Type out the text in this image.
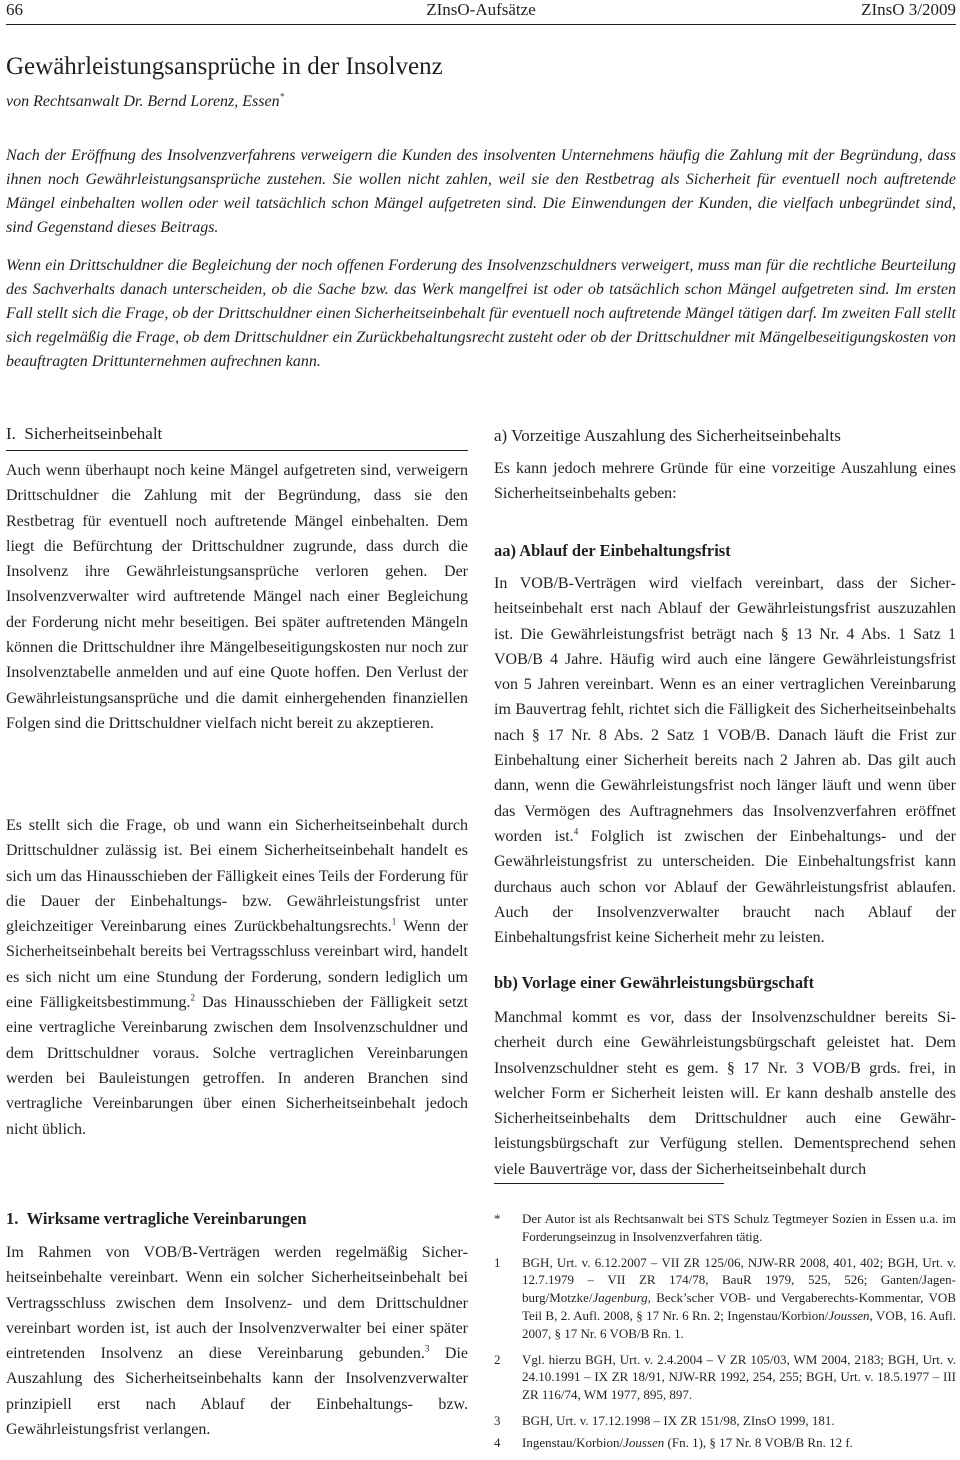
66	ZInsO-Aufsätze	ZInsO 3/2009
Gewährleistungsansprüche in der Insolvenz
von Rechtsanwalt Dr. Bernd Lorenz, Essen*

Nach der Eröffnung des Insolvenzverfahrens verweigern die Kunden des insolventen Unternehmens häufig die Zahlung mit der Begründung, dass ihnen noch Gewährleistungsansprüche zustehen. Sie wollen nicht zahlen, weil sie den Restbetrag als Sicherheit für eventuell noch auftretende Mängel einbehalten wollen oder weil tatsächlich schon Mängel aufgetreten sind. Die Einwendungen der Kunden, die vielfach unbegründet sind, sind Gegenstand dieses Beitrags.

Wenn ein Drittschuldner die Begleichung der noch offenen Forderung des Insolvenzschuldners verweigert, muss man für die rechtliche Beurteilung des Sachverhalts danach unterscheiden, ob die Sache bzw. das Werk mangelfrei ist oder ob tatsächlich schon Mängel aufgetreten sind. Im ersten Fall stellt sich die Frage, ob der Drittschuldner einen Sicherheitseinbehalt für eventuell noch auftretende Mängel tätigen darf. Im zweiten Fall stellt sich regelmäßig die Frage, ob dem Drittschuldner ein Zurückbehaltungsrecht zusteht oder ob der Drittschuldner mit Mängelbeseitigungskosten von beauftragten Drittunternehmen aufrechnen kann.

I. Sicherheitseinbehalt

Auch wenn überhaupt noch keine Mängel aufgetreten sind, verweigern Drittschuldner die Zahlung mit der Begründung, dass sie den Restbetrag für eventuell noch auftretende Mängel einbehalten. Dem liegt die Befürchtung der Drittschuldner zugrunde, dass durch die Insolvenz ihre Gewährleistungsansprüche verloren gehen. Der Insolvenzverwalter wird auftretende Mängel nach einer Begleichung der Forderung nicht mehr beseitigen. Bei später auftretenden Mängeln können die Drittschuldner ihre Mängelbeseitigungskosten nur noch zur Insolvenztabelle anmelden und auf eine Quote hoffen. Den Verlust der Gewährleistungsansprüche und die damit einhergehenden finanziellen Folgen sind die Drittschuldner vielfach nicht bereit zu akzeptieren.

Es stellt sich die Frage, ob und wann ein Sicherheitseinbehalt durch Drittschuldner zulässig ist. Bei einem Sicherheitseinbehalt handelt es sich um das Hinausschieben der Fälligkeit eines Teils der Forderung für die Dauer der Einbehaltungs- bzw. Gewährleistungsfrist unter gleichzeitiger Vereinbarung eines Zurückbehaltungsrechts.$^1$ Wenn der Sicherheitseinbehalt bereits bei Vertragsschluss vereinbart wird, handelt es sich nicht um eine Stundung der Forderung, sondern lediglich um eine Fälligkeitsbestimmung.$^2$ Das Hinausschieben der Fälligkeit setzt eine vertragliche Vereinbarung zwischen dem Insolvenzschuldner und dem Drittschuldner voraus. Solche vertraglichen Vereinbarungen werden bei Bauleistungen getroffen. In anderen Branchen sind vertragliche Vereinbarungen über einen Sicherheitseinbehalt jedoch nicht üblich.

1. Wirksame vertragliche Vereinbarungen

Im Rahmen von VOB/B-Verträgen werden regelmäßig Sicherheitseinbehalte vereinbart. Wenn ein solcher Sicherheitseinbehalt bei Vertragsschluss zwischen dem Insolvenz- und dem Drittschuldner vereinbart worden ist, ist auch der Insolvenzverwalter bei einer später eintretenden Insolvenz an diese Vereinbarung gebunden.$^3$ Die Auszahlung des Sicherheitseinbehalts kann der Insolvenzverwalter prinzipiell erst nach Ablauf der Einbehaltungs- bzw. Gewährleistungsfrist verlangen.

a) Vorzeitige Auszahlung des Sicherheitseinbehalts

Es kann jedoch mehrere Gründe für eine vorzeitige Auszahlung eines Sicherheitseinbehalts geben:

aa) Ablauf der Einbehaltungsfrist

In VOB/B-Verträgen wird vielfach vereinbart, dass der Sicherheitseinbehalt erst nach Ablauf der Gewährleistungsfrist auszuzahlen ist. Die Gewährleistungsfrist beträgt nach § 13 Nr. 4 Abs. 1 Satz 1 VOB/B 4 Jahre. Häufig wird auch eine längere Gewährleistungsfrist von 5 Jahren vereinbart. Wenn es an einer vertraglichen Vereinbarung im Bauvertrag fehlt, richtet sich die Fälligkeit des Sicherheitseinbehalts nach § 17 Nr. 8 Abs. 2 Satz 1 VOB/B. Danach läuft die Frist zur Einbehaltung einer Sicherheit bereits nach 2 Jahren ab. Das gilt auch dann, wenn die Gewährleistungsfrist noch länger läuft und wenn über das Vermögen des Auftragnehmers das Insolvenzverfahren eröffnet worden ist.$^4$ Folglich ist zwischen der Einbehaltungs- und der Gewährleistungsfrist zu unterscheiden. Die Einbehaltungsfrist kann durchaus auch schon vor Ablauf der Gewährleistungsfrist ablaufen. Auch der Insolvenzverwalter braucht nach Ablauf der Einbehaltungsfrist keine Sicherheit mehr zu leisten.

bb) Vorlage einer Gewährleistungsbürgschaft

Manchmal kommt es vor, dass der Insolvenzschuldner bereits Sicherheit durch eine Gewährleistungsbürgschaft geleistet hat. Dem Insolvenzschuldner steht es gem. § 17 Nr. 3 VOB/B grds. frei, in welcher Form er Sicherheit leisten will. Er kann deshalb anstelle des Sicherheitseinbehalts dem Drittschuldner auch eine Gewährleistungsbürgschaft zur Verfügung stellen. Dementsprechend sehen viele Bauverträge vor, dass der Sicherheitseinbehalt durch

* Der Autor ist als Rechtsanwalt bei STS Schulz Tegtmeyer Sozien in Essen u.a. im Forderungseinzug in Insolvenzverfahren tätig.

1 BGH, Urt. v. 6.12.2007 – VII ZR 125/06, NJW-RR 2008, 401, 402; BGH, Urt. v. 12.7.1979 – VII ZR 174/78, BauR 1979, 525, 526; Ganten/Jagenburg/Motzke/Jagenburg, Beck’scher VOB- und Vergaberechts-Kommentar, VOB Teil B, 2. Aufl. 2008, § 17 Nr. 6 Rn. 2; Ingenstau/Korbion/Joussen, VOB, 16. Aufl. 2007, § 17 Nr. 6 VOB/B Rn. 1.

2 Vgl. hierzu BGH, Urt. v. 2.4.2004 – V ZR 105/03, WM 2004, 2183; BGH, Urt. v. 24.10.1991 – IX ZR 18/91, NJW-RR 1992, 254, 255; BGH, Urt. v. 18.5.1977 – III ZR 116/74, WM 1977, 895, 897.

3 BGH, Urt. v. 17.12.1998 – IX ZR 151/98, ZInsO 1999, 181.

4 Ingenstau/Korbion/Joussen (Fn. 1), § 17 Nr. 8 VOB/B Rn. 12 f.
